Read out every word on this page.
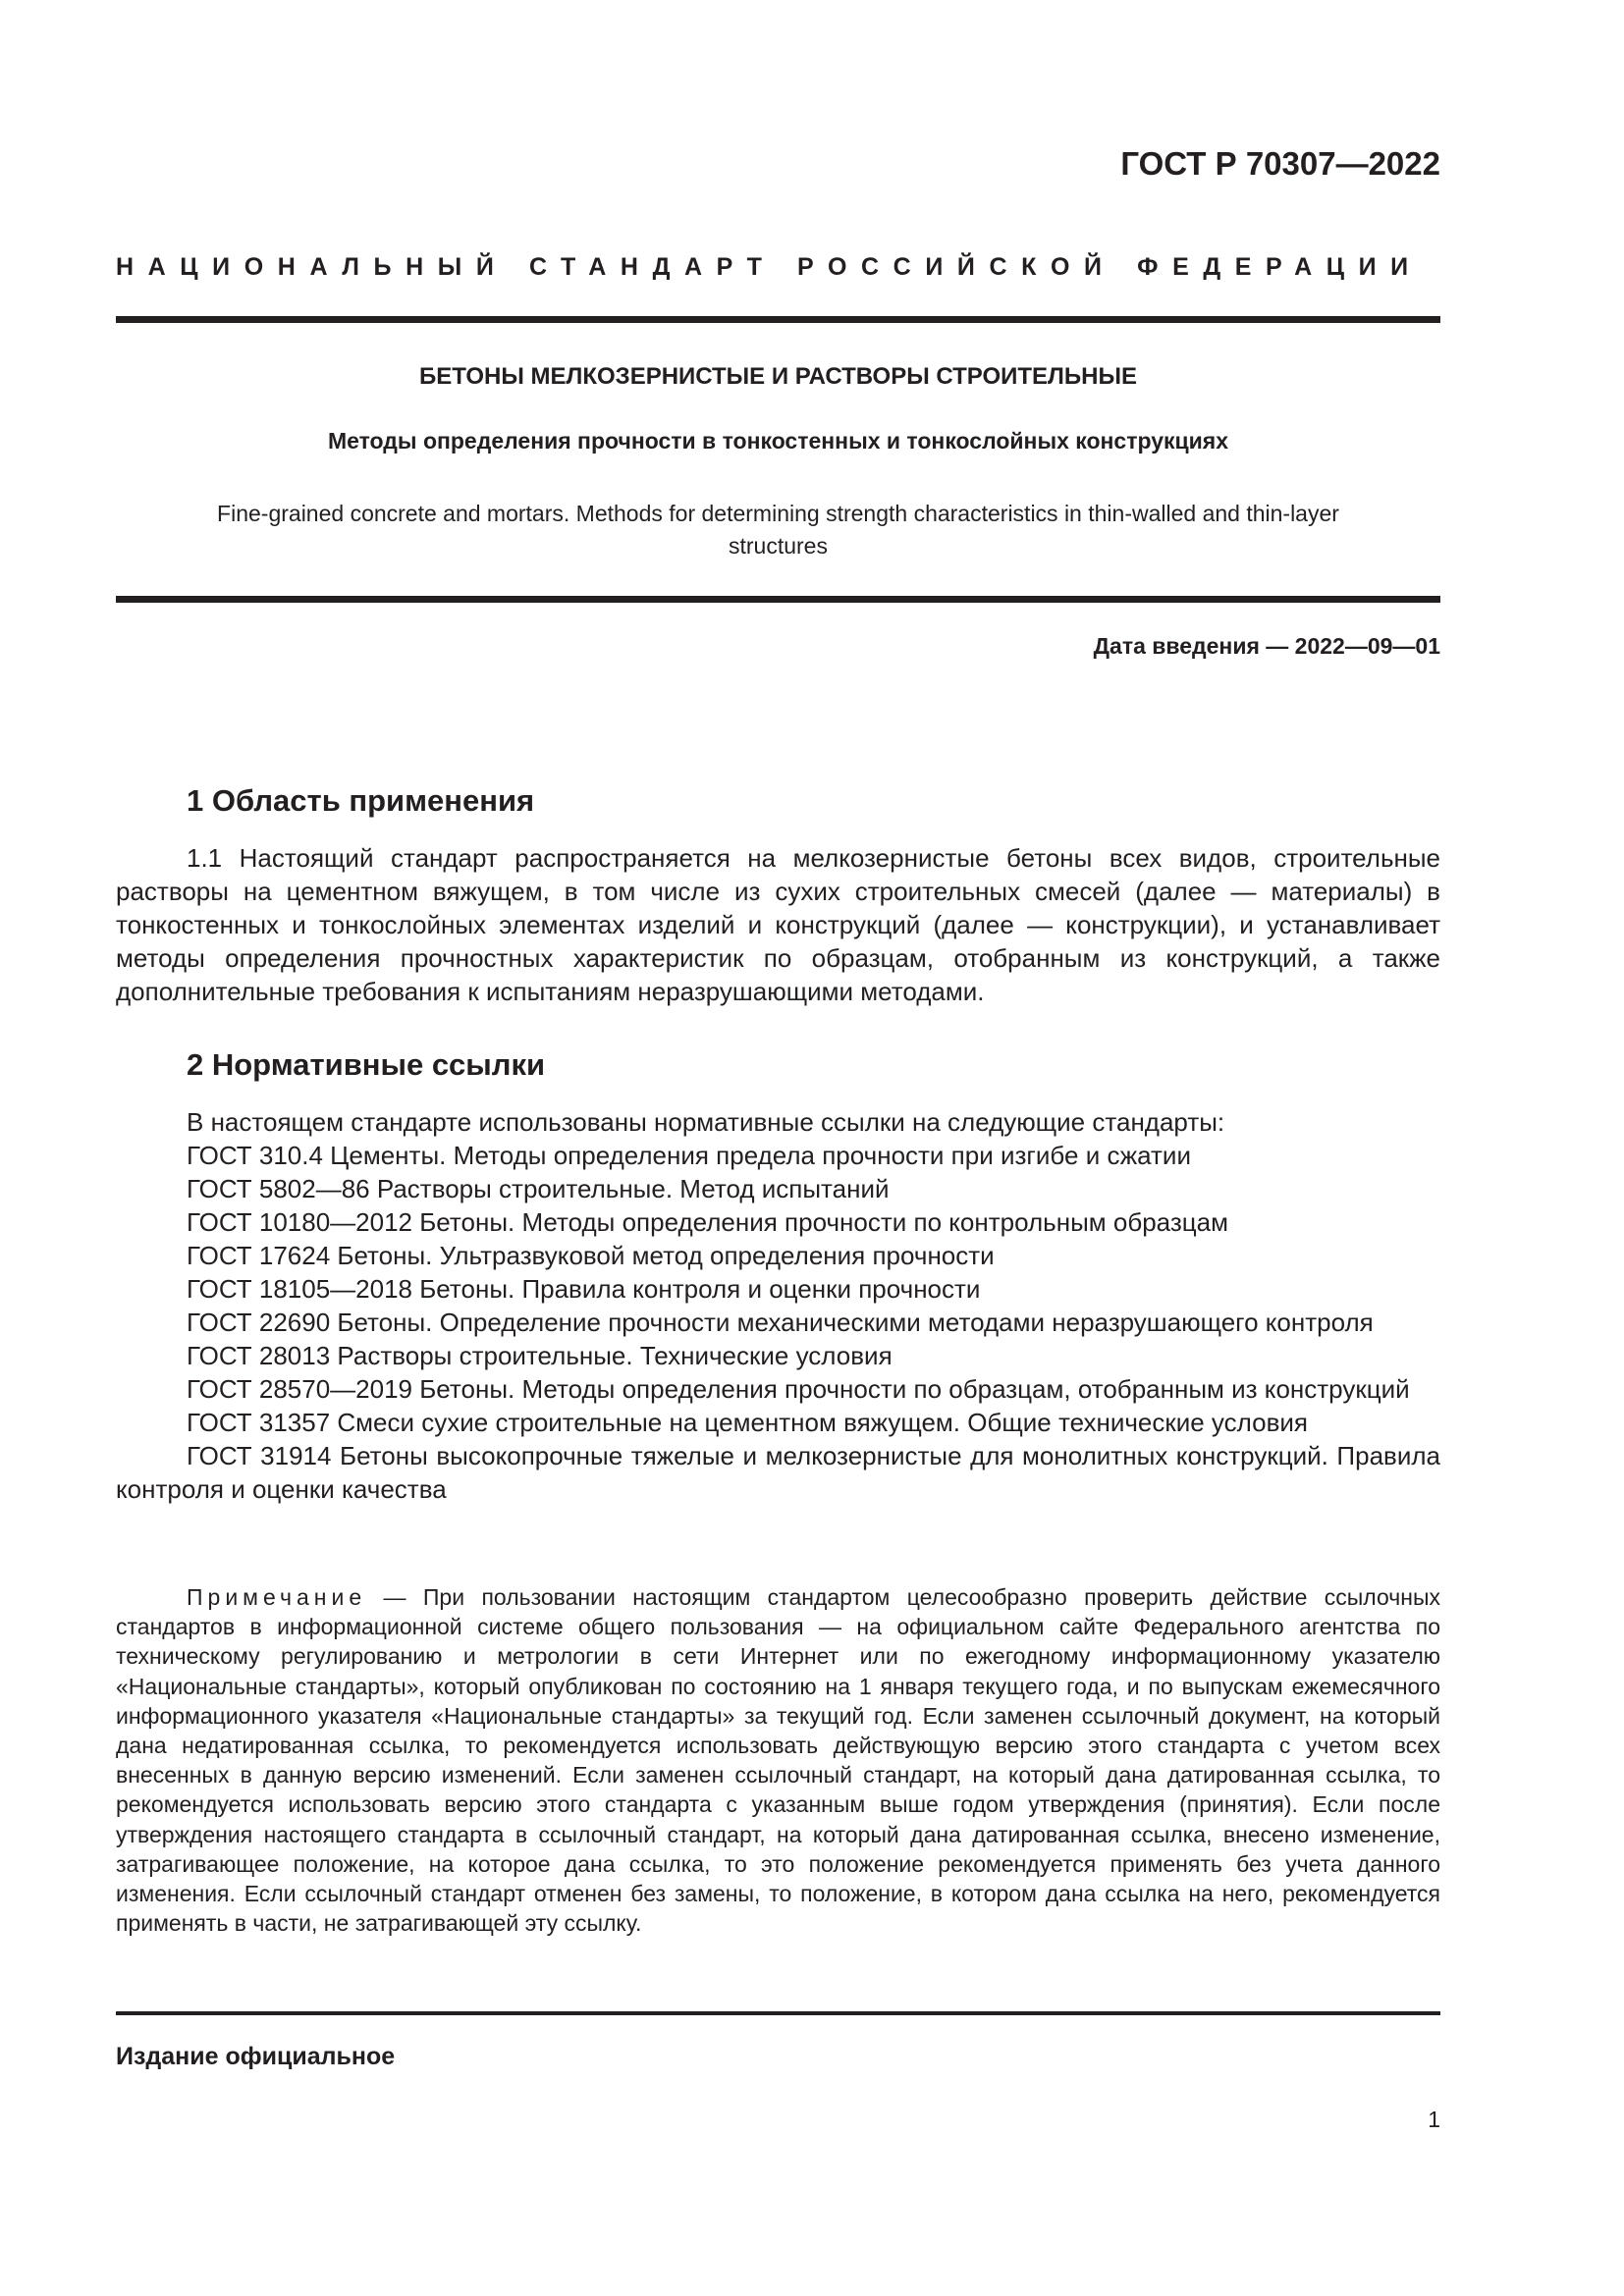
ГОСТ Р 70307—2022
НАЦИОНАЛЬНЫЙ СТАНДАРТ РОССИЙСКОЙ ФЕДЕРАЦИИ
БЕТОНЫ МЕЛКОЗЕРНИСТЫЕ И РАСТВОРЫ СТРОИТЕЛЬНЫЕ
Методы определения прочности в тонкостенных и тонкослойных конструкциях
Fine-grained concrete and mortars. Methods for determining strength characteristics in thin-walled and thin-layer structures
Дата введения — 2022—09—01
1 Область применения

1.1 Настоящий стандарт распространяется на мелкозернистые бетоны всех видов, строительные растворы на цементном вяжущем, в том числе из сухих строительных смесей (далее — материалы) в тонкостенных и тонкослойных элементах изделий и конструкций (далее — конструкции), и устанавливает методы определения прочностных характеристик по образцам, отобранным из конструкций, а также дополнительные требования к испытаниям неразрушающими методами.

2 Нормативные ссылки

В настоящем стандарте использованы нормативные ссылки на следующие стандарты:

ГОСТ 310.4 Цементы. Методы определения предела прочности при изгибе и сжатии

ГОСТ 5802—86 Растворы строительные. Метод испытаний

ГОСТ 10180—2012 Бетоны. Методы определения прочности по контрольным образцам

ГОСТ 17624 Бетоны. Ультразвуковой метод определения прочности

ГОСТ 18105—2018 Бетоны. Правила контроля и оценки прочности

ГОСТ 22690 Бетоны. Определение прочности механическими методами неразрушающего контроля

ГОСТ 28013 Растворы строительные. Технические условия

ГОСТ 28570—2019 Бетоны. Методы определения прочности по образцам, отобранным из конструкций

ГОСТ 31357 Смеси сухие строительные на цементном вяжущем. Общие технические условия

ГОСТ 31914 Бетоны высокопрочные тяжелые и мелкозернистые для монолитных конструкций. Правила контроля и оценки качества

Примечание — При пользовании настоящим стандартом целесообразно проверить действие ссылочных стандартов в информационной системе общего пользования — на официальном сайте Федерального агентства по техническому регулированию и метрологии в сети Интернет или по ежегодному информационному указателю «Национальные стандарты», который опубликован по состоянию на 1 января текущего года, и по выпускам ежемесячного информационного указателя «Национальные стандарты» за текущий год. Если заменен ссылочный документ, на который дана недатированная ссылка, то рекомендуется использовать действующую версию этого стандарта с учетом всех внесенных в данную версию изменений. Если заменен ссылочный стандарт, на который дана датированная ссылка, то рекомендуется использовать версию этого стандарта с указанным выше годом утверждения (принятия). Если после утверждения настоящего стандарта в ссылочный стандарт, на который дана датированная ссылка, внесено изменение, затрагивающее положение, на которое дана ссылка, то это положение рекомендуется применять без учета данного изменения. Если ссылочный стандарт отменен без замены, то положение, в котором дана ссылка на него, рекомендуется применять в части, не затрагивающей эту ссылку.

Издание официальное
1
